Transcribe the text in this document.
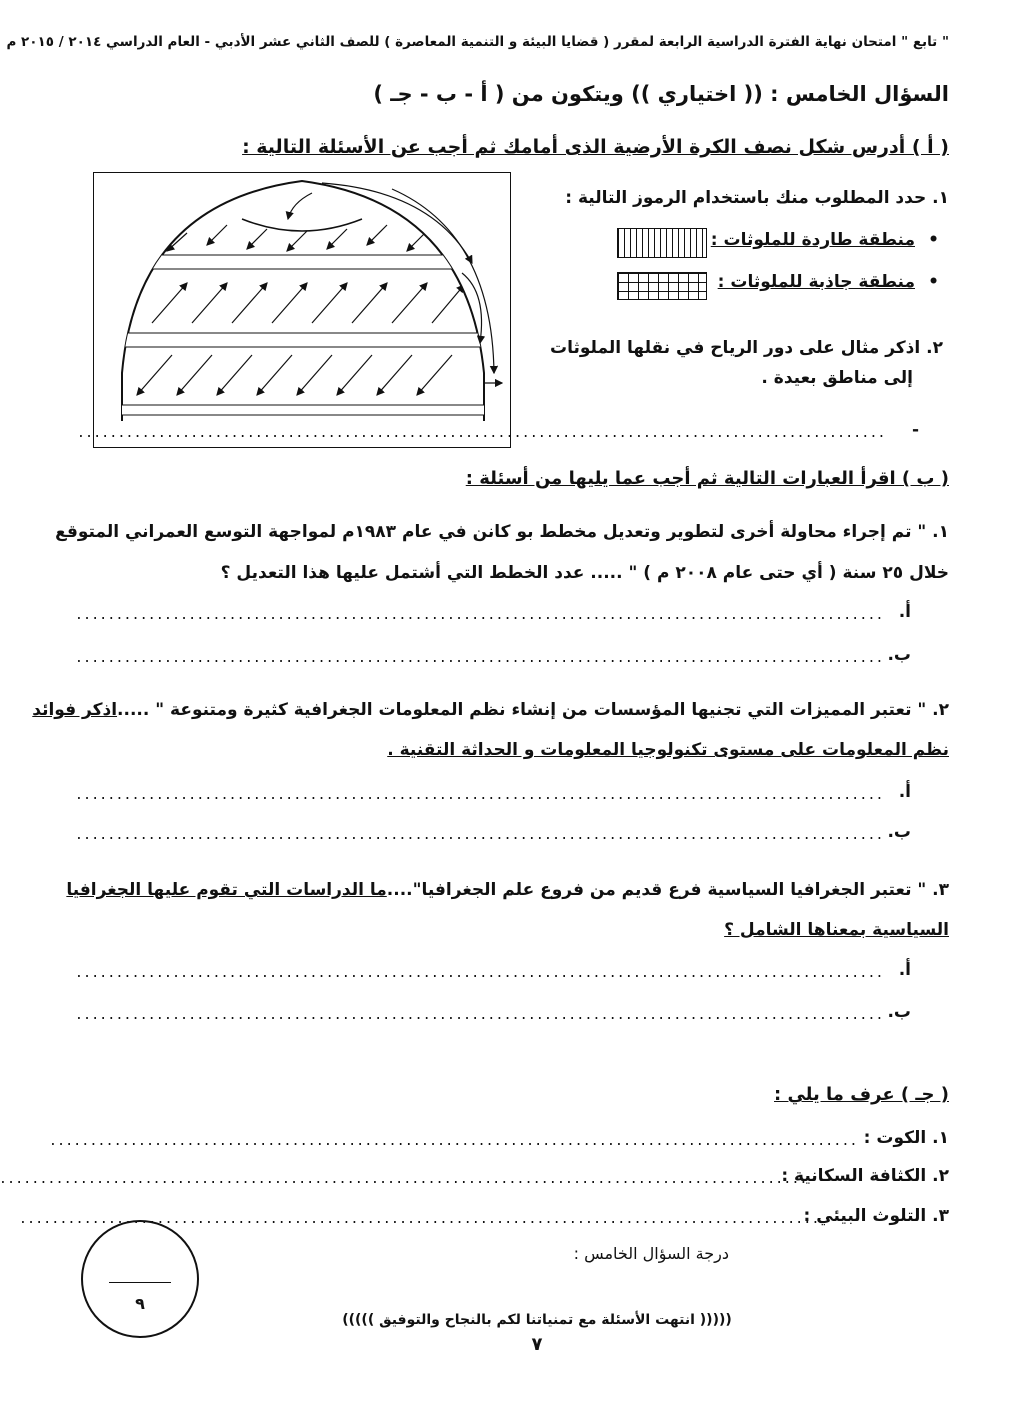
" تابع " امتحان نهاية الفترة الدراسية الرابعة لمقرر ( قضايا البيئة و التنمية المعاصرة ) للصف الثاني عشر الأدبي - العام الدراسي ٢٠١٤ / ٢٠١٥ م
السؤال الخامس : (( اختياري )) ويتكون من ( أ - ب - جـ )
( أ ) أدرس شكل نصف الكرة الأرضية الذى أمامك ثم أجب عن الأسئلة التالية :
١. حدد المطلوب منك باستخدام الرموز التالية :
منطقة طاردة للملوثات : •
منطقة جاذبة للملوثات : •
٢. اذكر مثال على دور الرياح في نقلها الملوثات
إلى مناطق بعيدة .
-
....................................................................................................
( ب ) اقرأ العبارات التالية ثم أجب عما يليها من أسئلة :
١. " تم إجراء محاولة أخرى لتطوير وتعديل مخطط بو كانن في عام ١٩٨٣م لمواجهة التوسع العمراني المتوقع
خلال ٢٥ سنة ( أي حتى عام ٢٠٠٨ م ) " ..... عدد الخطط التي أشتمل عليها هذا التعديل ؟
أ.
....................................................................................................
ب.
....................................................................................................
٢. " تعتبر المميزات التي تجنيها المؤسسات من إنشاء نظم المعلومات الجغرافية كثيرة ومتنوعة " .....اذكر فوائد
نظم المعلومات على مستوى تكنولوجيا المعلومات و الحداثة التقنية .
أ.
....................................................................................................
ب.
....................................................................................................
٣. " تعتبر الجغرافيا السياسية فرع قديم من فروع علم الجغرافيا"....ما الدراسات التي تقوم عليها الجغرافيا
السياسية بمعناها الشامل ؟
أ.
....................................................................................................
ب.
....................................................................................................
( جـ ) عرف ما يلي :
١. الكوت :
....................................................................................................
٢. الكثافة السكانية :
....................................................................................................
٣. التلوث البيئي :
....................................................................................................
درجة السؤال الخامس :
٩
((((( انتهت الأسئلة مع تمنياتنا لكم بالنجاح والتوفيق )))))
٧
